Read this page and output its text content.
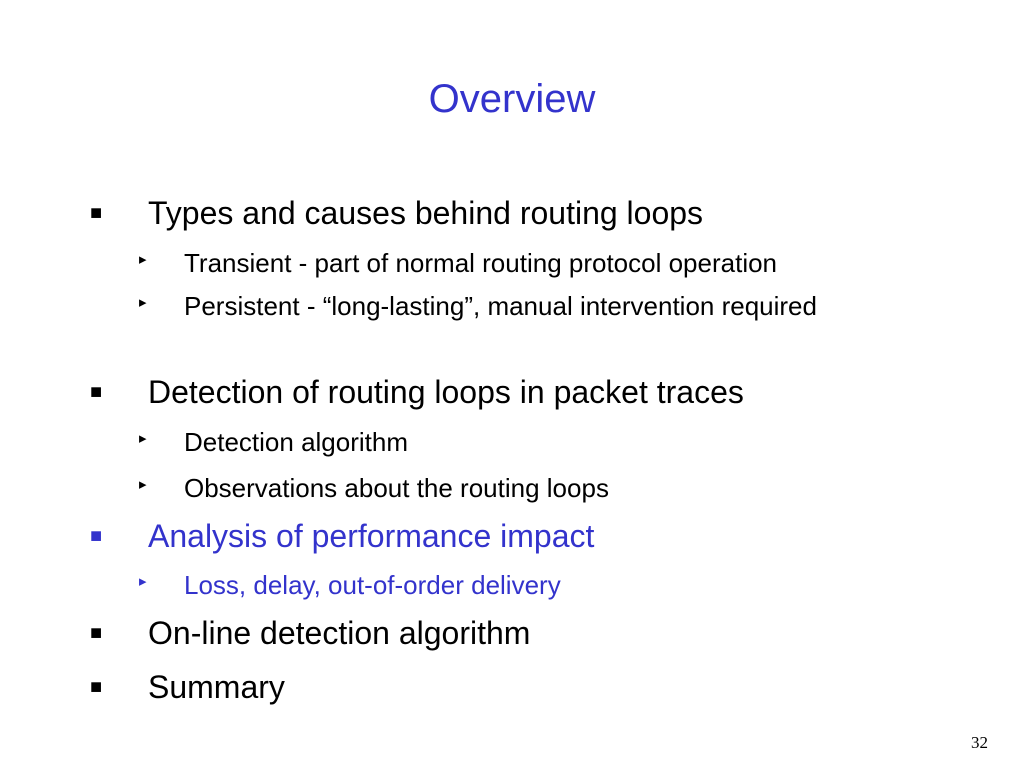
Overview
■ Types and causes behind routing loops
▸ Transient - part of normal routing protocol operation
▸ Persistent - “long-lasting”, manual intervention required
■ Detection of routing loops in packet traces
▸ Detection algorithm
▸ Observations about the routing loops
■ Analysis of performance impact
▸ Loss, delay, out-of-order delivery
■ On-line detection algorithm
■ Summary
32
